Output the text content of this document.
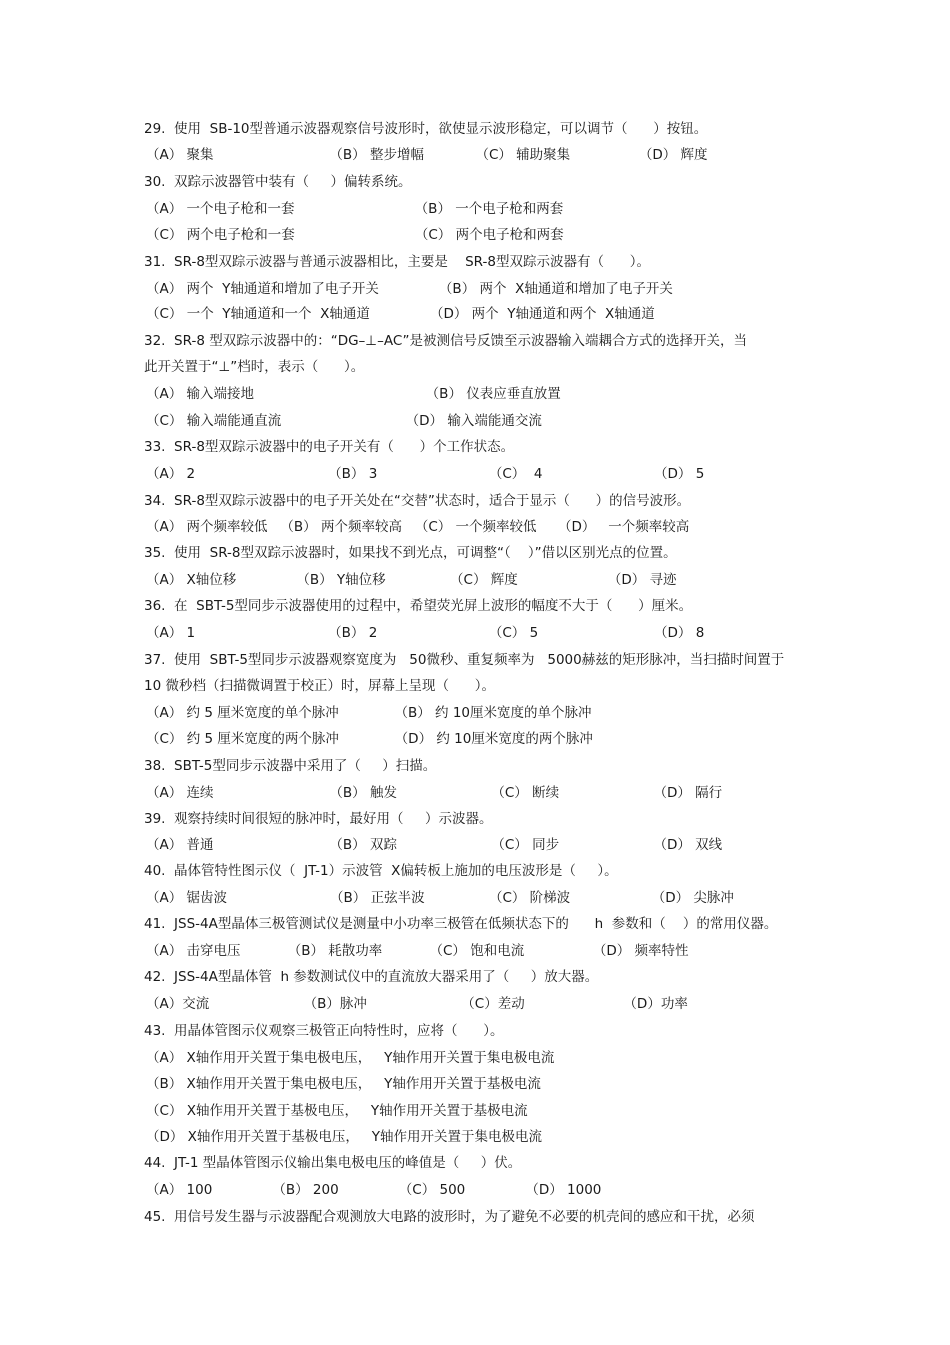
29.  使用  SB-10型普通示波器观察信号波形时，欲使显示波形稳定，可以调节（      ）按钮。
（A） 聚集                           （B） 整步增幅            （C） 辅助聚集                （D） 辉度
30.  双踪示波器管中装有（     ）偏转系统。
（A） 一个电子枪和一套                            （B） 一个电子枪和两套
（C） 两个电子枪和一套                            （C） 两个电子枪和两套
31.  SR-8型双踪示波器与普通示波器相比，主要是    SR-8型双踪示波器有（      ）。
（A） 两个  Y轴通道和增加了电子开关              （B） 两个  X轴通道和增加了电子开关
（C） 一个  Y轴通道和一个  X轴通道              （D） 两个  Y轴通道和两个  X轴通道
32.  SR-8 型双踪示波器中的：“DG–⊥–AC”是被测信号反馈至示波器输入端耦合方式的选择开关，当
此开关置于“⊥”档时，表示（      ）。
（A） 输入端接地                                        （B） 仪表应垂直放置
（C） 输入端能通直流                             （D） 输入端能通交流
33.  SR-8型双踪示波器中的电子开关有（      ）个工作状态。
（A） 2                               （B） 3                          （C）  4                          （D） 5
34.  SR-8型双踪示波器中的电子开关处在“交替”状态时，适合于显示（      ）的信号波形。
（A） 两个频率较低   （B） 两个频率较高   （C） 一个频率较低     （D）   一个频率较高
35.  使用  SR-8型双踪示波器时，如果找不到光点，可调整“（    ）”借以区别光点的位置。
（A） X轴位移              （B） Y轴位移               （C） 辉度                     （D） 寻迹
36.  在  SBT-5型同步示波器使用的过程中，希望荧光屏上波形的幅度不大于（      ）厘米。
（A） 1                               （B） 2                          （C） 5                           （D） 8
37.  使用  SBT-5型同步示波器观察宽度为   50微秒、重复频率为   5000赫兹的矩形脉冲，当扫描时间置于
10 微秒档（扫描微调置于校正）时，屏幕上呈现（      ）。
（A） 约 5 厘米宽度的单个脉冲             （B） 约 10厘米宽度的单个脉冲
（C） 约 5 厘米宽度的两个脉冲             （D） 约 10厘米宽度的两个脉冲
38.  SBT-5型同步示波器中采用了（     ）扫描。
（A） 连续                           （B） 触发                      （C） 断续                      （D） 隔行
39.  观察持续时间很短的脉冲时，最好用（     ）示波器。
（A） 普通                           （B） 双踪                      （C） 同步                      （D） 双线
40.  晶体管特性图示仪（  JT-1）示波管  X偏转板上施加的电压波形是（     ）。
（A） 锯齿波                        （B） 正弦半波               （C） 阶梯波                   （D） 尖脉冲
41.  JSS-4A型晶体三极管测试仪是测量中小功率三极管在低频状态下的      h  参数和（    ）的常用仪器。
（A） 击穿电压           （B） 耗散功率           （C） 饱和电流                （D） 频率特性
42.  JSS-4A型晶体管  h 参数测试仪中的直流放大器采用了（     ）放大器。
（A）交流                      （B）脉冲                      （C）差动                       （D）功率
43.  用晶体管图示仪观察三极管正向特性时，应将（      ）。
（A） X轴作用开关置于集电极电压，   Y轴作用开关置于集电极电流
（B） X轴作用开关置于集电极电压，   Y轴作用开关置于基极电流
（C） X轴作用开关置于基极电压，   Y轴作用开关置于基极电流
（D） X轴作用开关置于基极电压，   Y轴作用开关置于集电极电流
44.  JT-1 型晶体管图示仪输出集电极电压的峰值是（     ）伏。
（A） 100              （B） 200              （C） 500              （D） 1000
45.  用信号发生器与示波器配合观测放大电路的波形时，为了避免不必要的机壳间的感应和干扰，必须
